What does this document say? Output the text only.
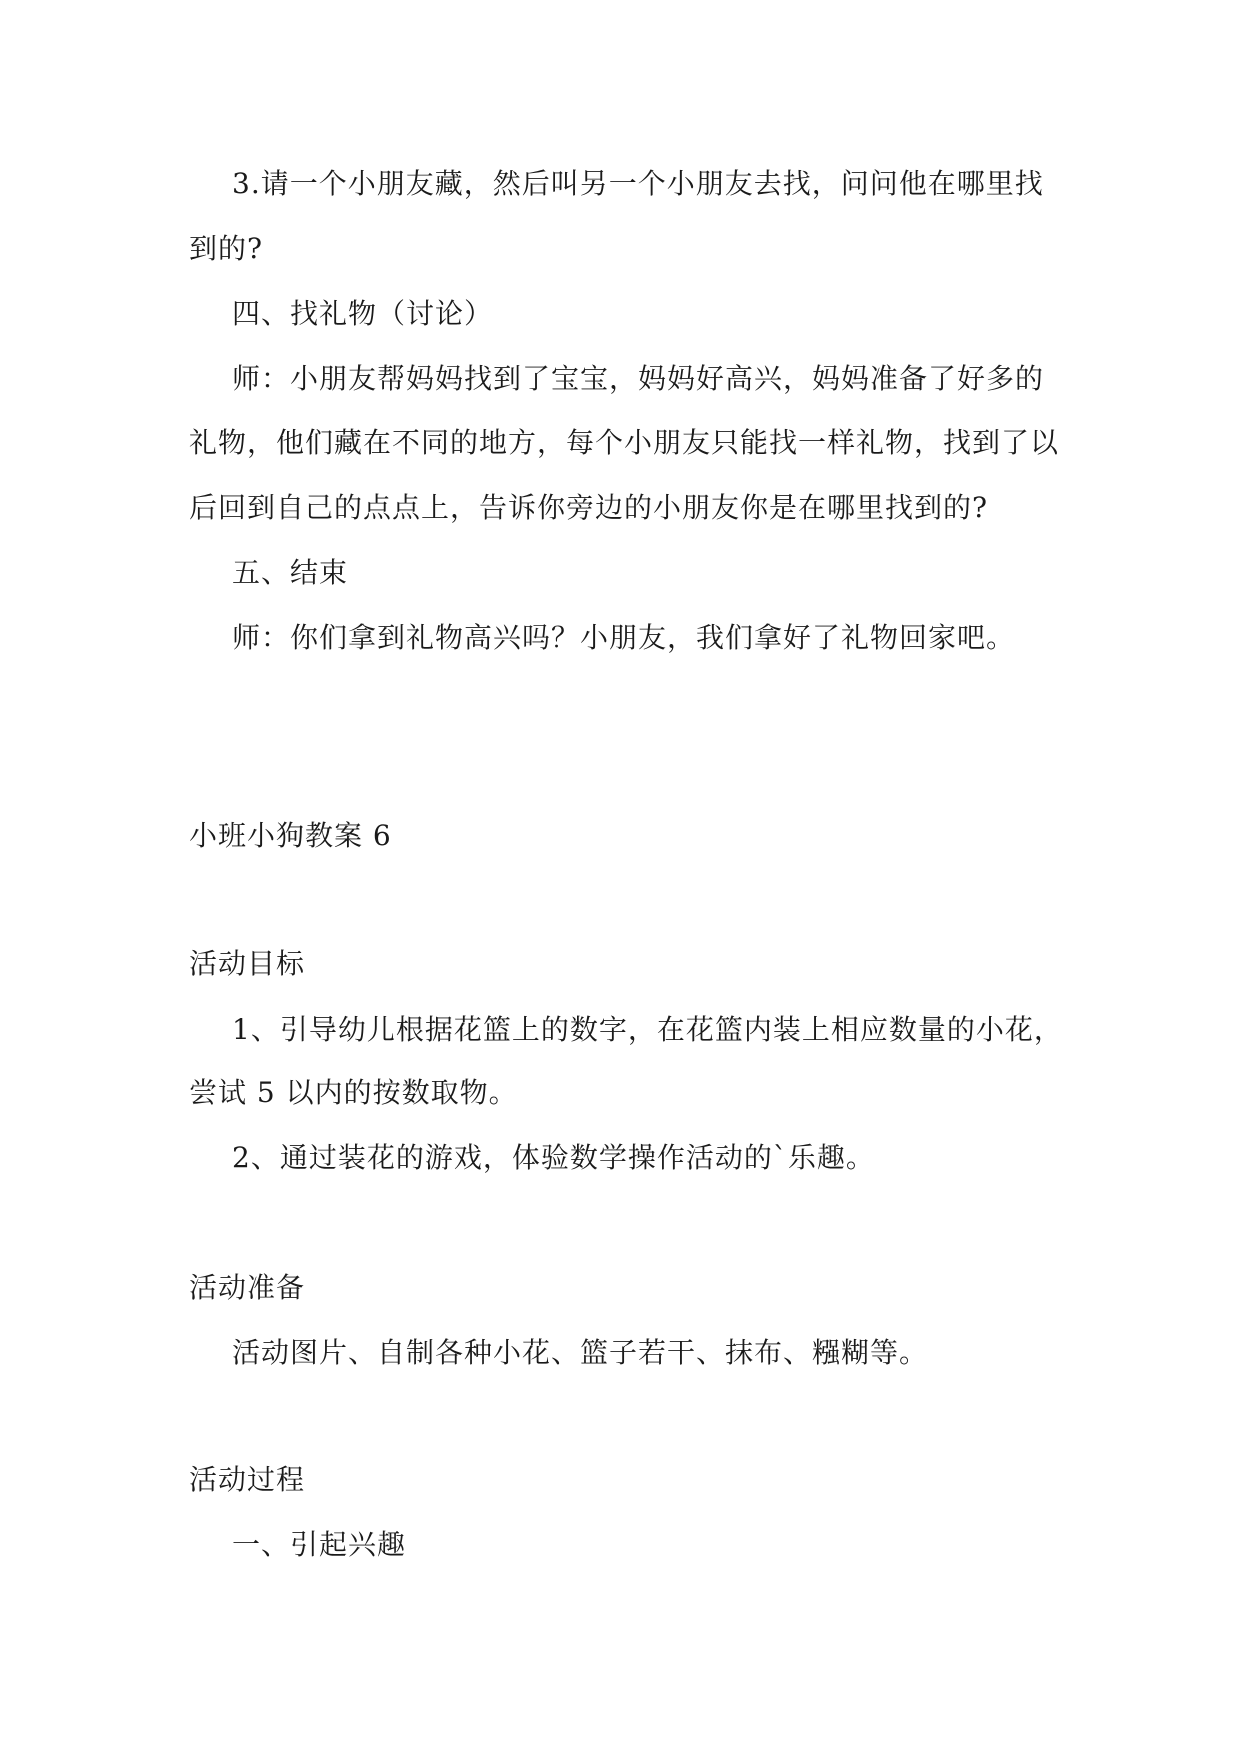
3.请一个小朋友藏，然后叫另一个小朋友去找，问问他在哪里找
到的?
四、找礼物（讨论）
师：小朋友帮妈妈找到了宝宝，妈妈好高兴，妈妈准备了好多的
礼物，他们藏在不同的地方，每个小朋友只能找一样礼物，找到了以
后回到自己的点点上，告诉你旁边的小朋友你是在哪里找到的?
五、结束
师：你们拿到礼物高兴吗？小朋友，我们拿好了礼物回家吧。
小班小狗教案 6
活动目标
1、引导幼儿根据花篮上的数字，在花篮内装上相应数量的小花，
尝试 5 以内的按数取物。
2、通过装花的游戏，体验数学操作活动的`乐趣。
活动准备
活动图片、自制各种小花、篮子若干、抹布、糨糊等。
活动过程
一、引起兴趣
